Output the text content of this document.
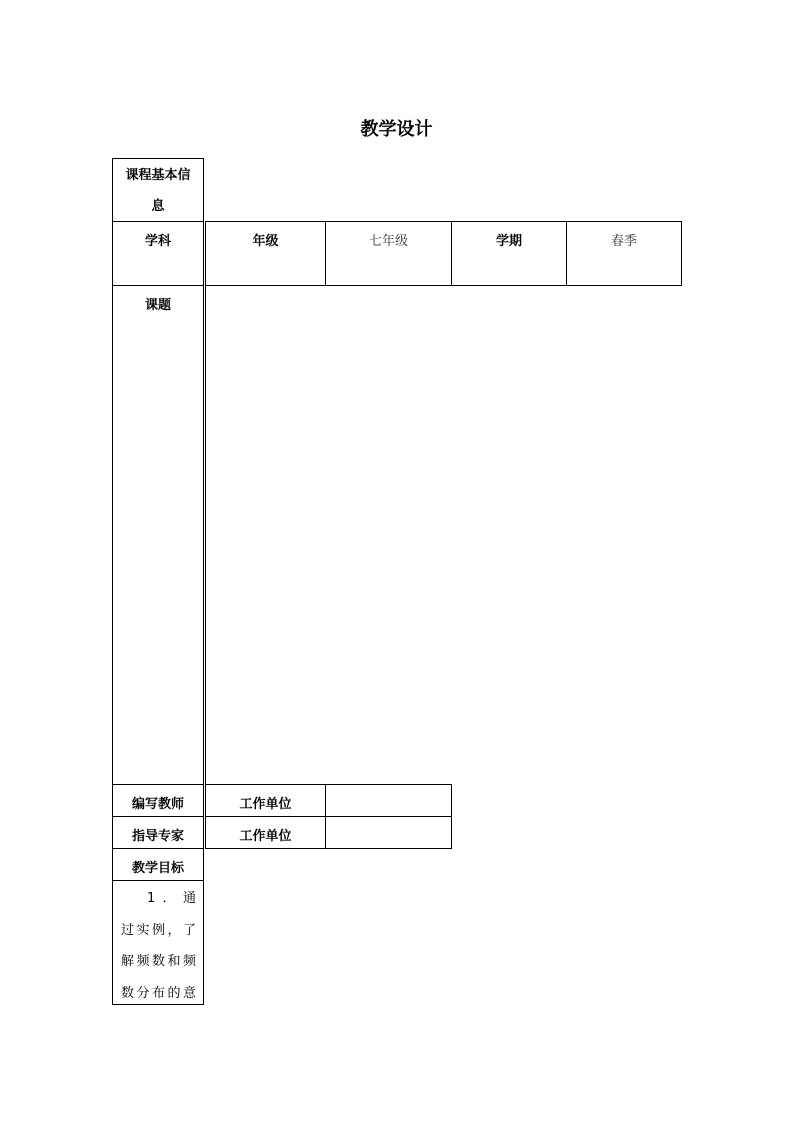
教学设计
课程基本信
息
学科	年级	七年级	学期	春季
课题
编写教师	工作单位
指导专家	工作单位
教学目标
1．通
过实例，了
解频数和频
数分布的意
